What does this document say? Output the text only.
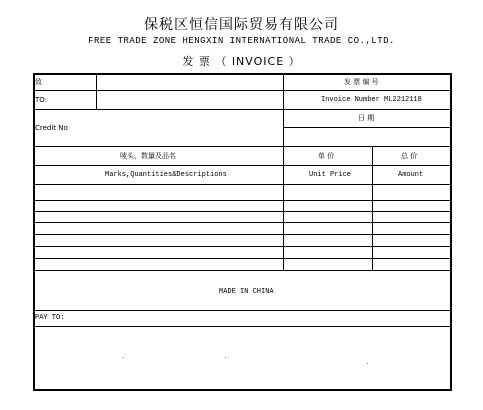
保税区恒信国际贸易有限公司
FREE TRADE ZONE HENGXIN INTERNATIONAL TRADE CO.,LTD.
发 票 （ INVOICE ）
致
TO:
发 票 编 号
Invoice Number ML2212118
Credit No
日 期
唛头，数量及品名	单 价	总 价
Marks,Quantities&Descriptions	Unit Price	Amount
MADE IN CHINA
PAY TO:
